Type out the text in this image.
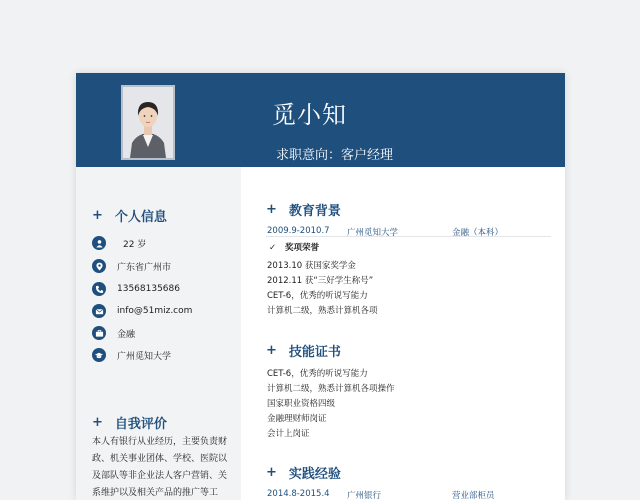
觅小知
求职意向：客户经理
+ 个人信息
22 岁
广东省广州市
13568135686
info@51miz.com
金融
广州觅知大学
+ 自我评价
本人有银行从业经历，主要负责财政、机关事业团体、学校、医院以及部队等非企业法人客户营销、关系维护以及相关产品的推广等工
+ 教育背景
2009.9-2010.7 广州觅知大学	金融（本科）
✓ 奖项荣誉
2013.10 获国家奖学金
2012.11 获“三好学生称号”
CET-6，优秀的听说写能力
计算机二级，熟悉计算机各项
+ 技能证书
CET-6，优秀的听说写能力
计算机二级，熟悉计算机各项操作
国家职业资格四级
金融理财师岗证
会计上岗证
+ 实践经验
2014.8-2015.4 广州银行	营业部柜员
